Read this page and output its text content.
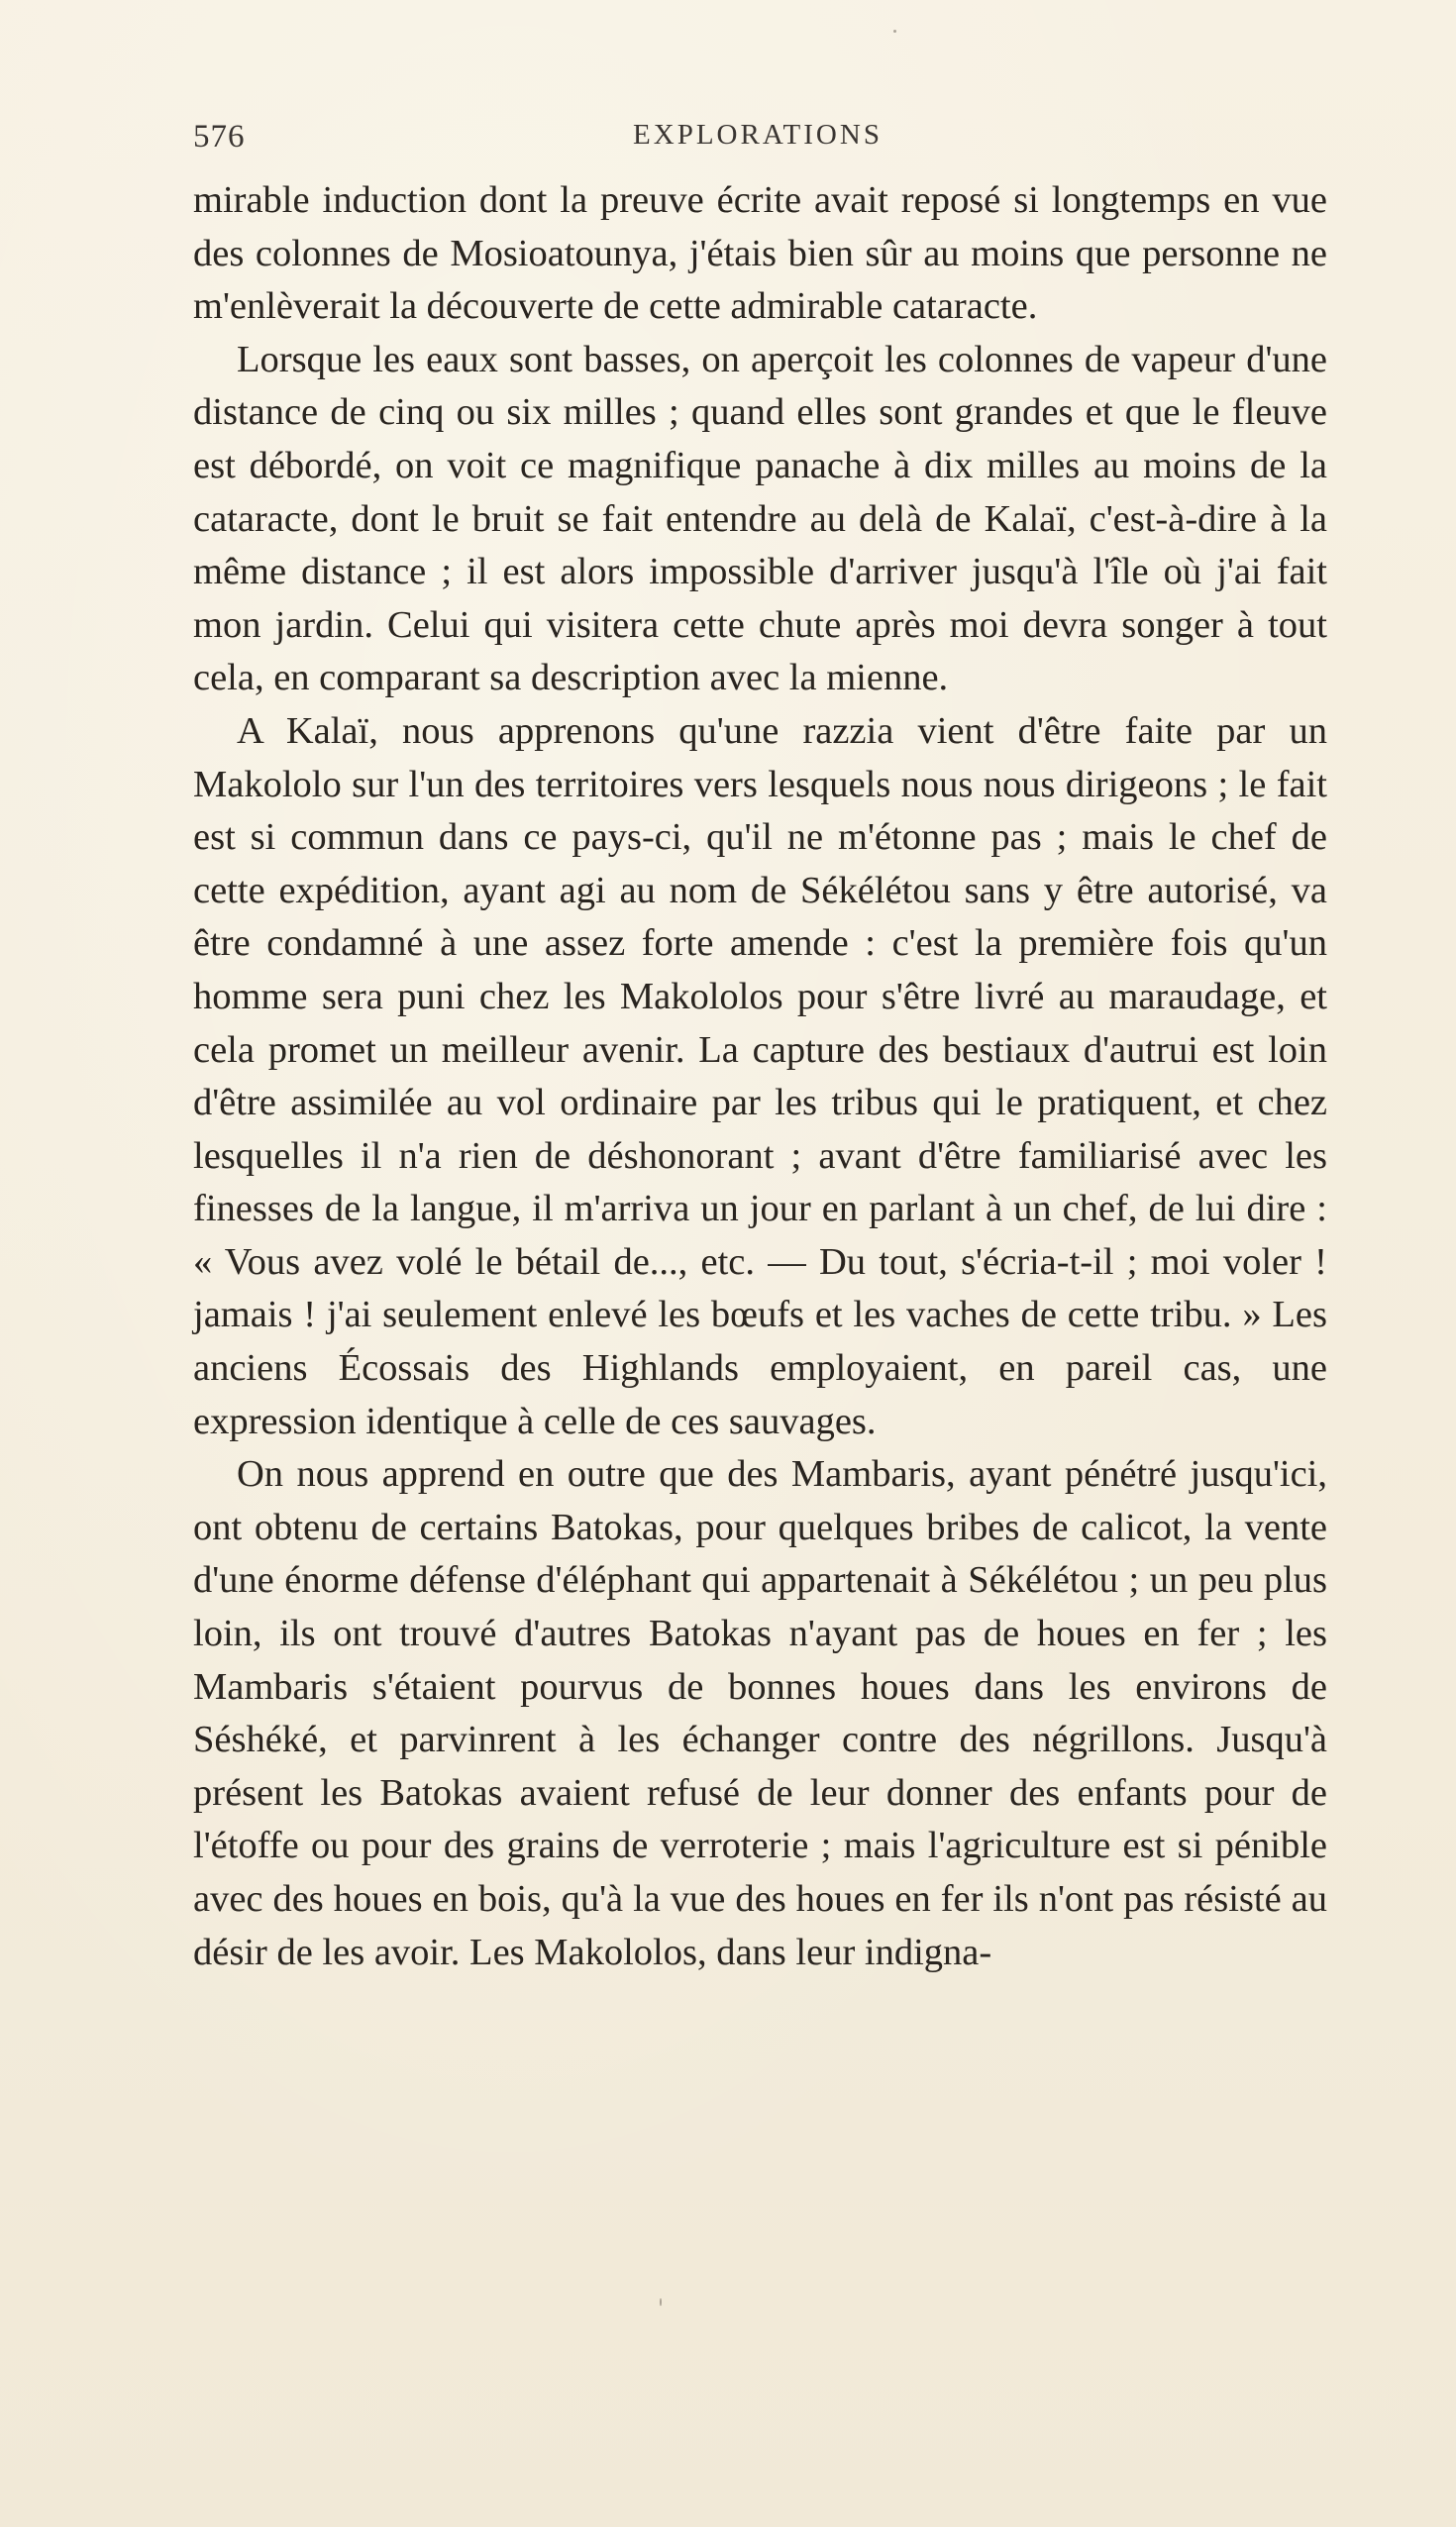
576	EXPLORATIONS

mirable induction dont la preuve écrite avait reposé si longtemps en vue des colonnes de Mosioatounya, j'étais bien sûr au moins que personne ne m'enlèverait la découverte de cette admirable cataracte.

Lorsque les eaux sont basses, on aperçoit les colonnes de vapeur d'une distance de cinq ou six milles ; quand elles sont grandes et que le fleuve est débordé, on voit ce magnifique panache à dix milles au moins de la cataracte, dont le bruit se fait entendre au delà de Kalaï, c'est-à-dire à la même distance ; il est alors impossible d'arriver jusqu'à l'île où j'ai fait mon jardin. Celui qui visitera cette chute après moi devra songer à tout cela, en comparant sa description avec la mienne.

A Kalaï, nous apprenons qu'une razzia vient d'être faite par un Makololo sur l'un des territoires vers lesquels nous nous dirigeons ; le fait est si commun dans ce pays-ci, qu'il ne m'étonne pas ; mais le chef de cette expédition, ayant agi au nom de Sékélétou sans y être autorisé, va être condamné à une assez forte amende : c'est la première fois qu'un homme sera puni chez les Makololos pour s'être livré au maraudage, et cela promet un meilleur avenir. La capture des bestiaux d'autrui est loin d'être assimilée au vol ordinaire par les tribus qui le pratiquent, et chez lesquelles il n'a rien de déshonorant ; avant d'être familiarisé avec les finesses de la langue, il m'arriva un jour en parlant à un chef, de lui dire : « Vous avez volé le bétail de..., etc. — Du tout, s'écria-t-il ; moi voler ! jamais ! j'ai seulement enlevé les bœufs et les vaches de cette tribu. » Les anciens Écossais des Highlands employaient, en pareil cas, une expression identique à celle de ces sauvages.

On nous apprend en outre que des Mambaris, ayant pénétré jusqu'ici, ont obtenu de certains Batokas, pour quelques bribes de calicot, la vente d'une énorme défense d'éléphant qui appartenait à Sékélétou ; un peu plus loin, ils ont trouvé d'autres Batokas n'ayant pas de houes en fer ; les Mambaris s'étaient pourvus de bonnes houes dans les environs de Séshéké, et parvinrent à les échanger contre des négrillons. Jusqu'à présent les Batokas avaient refusé de leur donner des enfants pour de l'étoffe ou pour des grains de verroterie ; mais l'agriculture est si pénible avec des houes en bois, qu'à la vue des houes en fer ils n'ont pas résisté au désir de les avoir. Les Makololos, dans leur indigna-
